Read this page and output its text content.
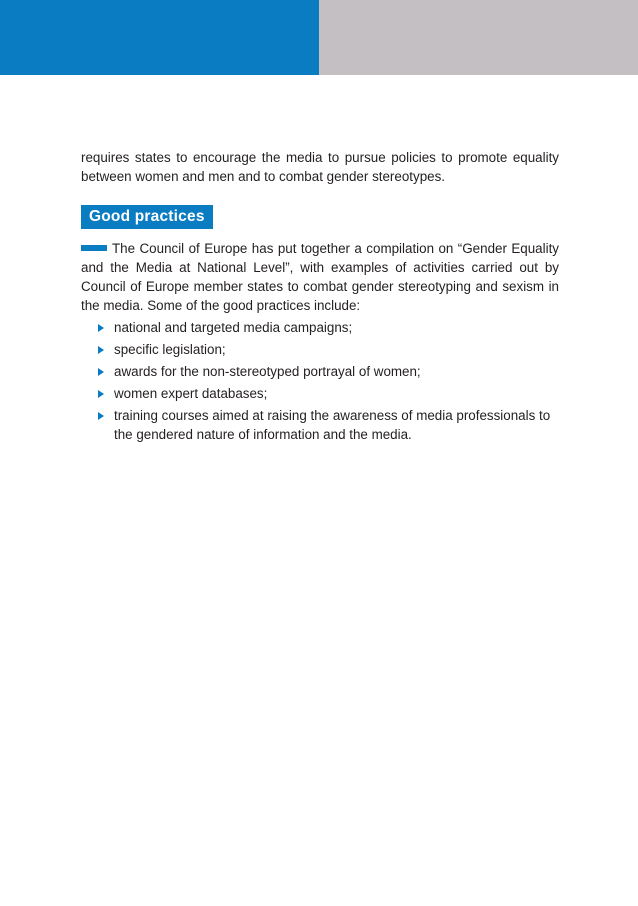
requires states to encourage the media to pursue policies to promote equality between women and men and to combat gender stereotypes.

Good practices

The Council of Europe has put together a compilation on “Gender Equality and the Media at National Level”, with examples of activities carried out by Council of Europe member states to combat gender stereotyping and sexism in the media. Some of the good practices include:

national and targeted media campaigns;
specific legislation;
awards for the non-stereotyped portrayal of women;
women expert databases;
training courses aimed at raising the awareness of media professionals to the gendered nature of information and the media.
